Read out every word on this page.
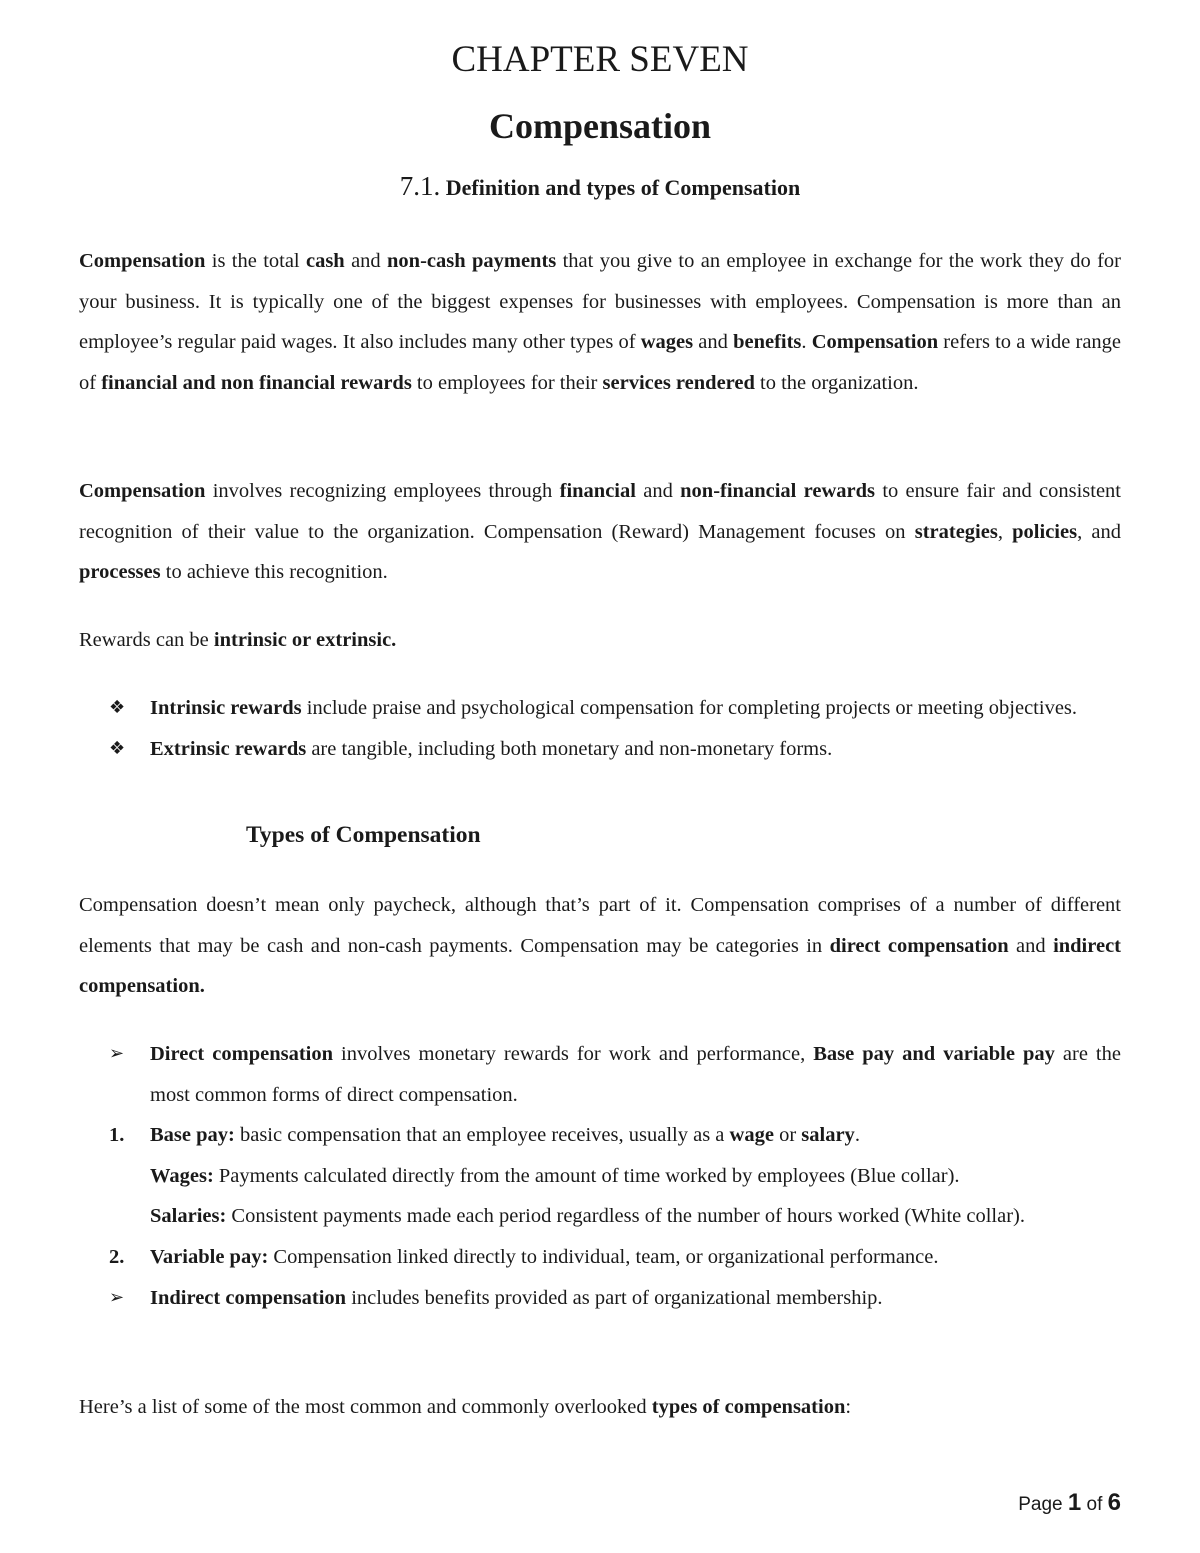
CHAPTER SEVEN
Compensation
7.1. Definition and types of Compensation
Compensation is the total cash and non-cash payments that you give to an employee in exchange for the work they do for your business. It is typically one of the biggest expenses for businesses with employees. Compensation is more than an employee’s regular paid wages. It also includes many other types of wages and benefits. Compensation refers to a wide range of financial and non financial rewards to employees for their services rendered to the organization.
Compensation involves recognizing employees through financial and non-financial rewards to ensure fair and consistent recognition of their value to the organization. Compensation (Reward) Management focuses on strategies, policies, and processes to achieve this recognition.
Rewards can be intrinsic or extrinsic.
❖	Intrinsic rewards include praise and psychological compensation for completing projects or meeting objectives.
❖	Extrinsic rewards are tangible, including both monetary and non-monetary forms.
Types of Compensation
Compensation doesn’t mean only paycheck, although that’s part of it. Compensation comprises of a number of different elements that may be cash and non-cash payments. Compensation may be categories in direct compensation and indirect compensation.
➢	Direct compensation involves monetary rewards for work and performance, Base pay and variable pay are the most common forms of direct compensation.
1.	Base pay: basic compensation that an employee receives, usually as a wage or salary.
Wages: Payments calculated directly from the amount of time worked by employees (Blue collar).
Salaries: Consistent payments made each period regardless of the number of hours worked (White collar).
2.	Variable pay: Compensation linked directly to individual, team, or organizational performance.
➢	Indirect compensation includes benefits provided as part of organizational membership.
Here’s a list of some of the most common and commonly overlooked types of compensation:
Page 1 of 6
